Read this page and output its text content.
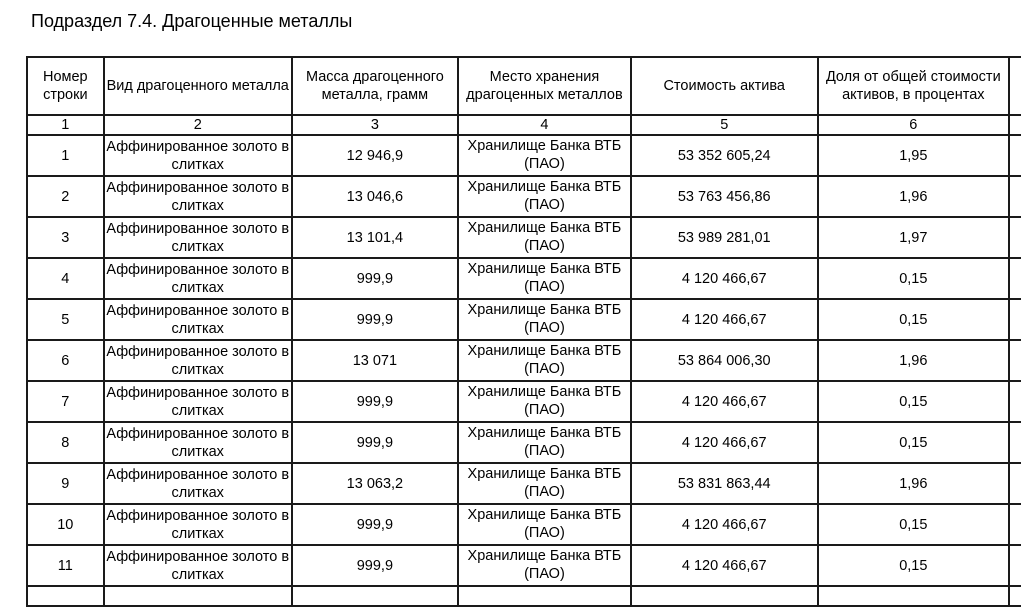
Подраздел 7.4. Драгоценные металлы
Номер строки	Вид драгоценного металла	Масса драгоценного металла, грамм	Место хранения драгоценных металлов	Стоимость актива	Доля от общей стоимости активов, в процентах	
1	2	3	4	5	6	
1	Аффинированное золото в слитках	12 946,9	Хранилище Банка ВТБ (ПАО)	53 352 605,24	1,95	
2	Аффинированное золото в слитках	13 046,6	Хранилище Банка ВТБ (ПАО)	53 763 456,86	1,96	
3	Аффинированное золото в слитках	13 101,4	Хранилище Банка ВТБ (ПАО)	53 989 281,01	1,97	
4	Аффинированное золото в слитках	999,9	Хранилище Банка ВТБ (ПАО)	4 120 466,67	0,15	
5	Аффинированное золото в слитках	999,9	Хранилище Банка ВТБ (ПАО)	4 120 466,67	0,15	
6	Аффинированное золото в слитках	13 071	Хранилище Банка ВТБ (ПАО)	53 864 006,30	1,96	
7	Аффинированное золото в слитках	999,9	Хранилище Банка ВТБ (ПАО)	4 120 466,67	0,15	
8	Аффинированное золото в слитках	999,9	Хранилище Банка ВТБ (ПАО)	4 120 466,67	0,15	
9	Аффинированное золото в слитках	13 063,2	Хранилище Банка ВТБ (ПАО)	53 831 863,44	1,96	
10	Аффинированное золото в слитках	999,9	Хранилище Банка ВТБ (ПАО)	4 120 466,67	0,15	
11	Аффинированное золото в слитках	999,9	Хранилище Банка ВТБ (ПАО)	4 120 466,67	0,15	
